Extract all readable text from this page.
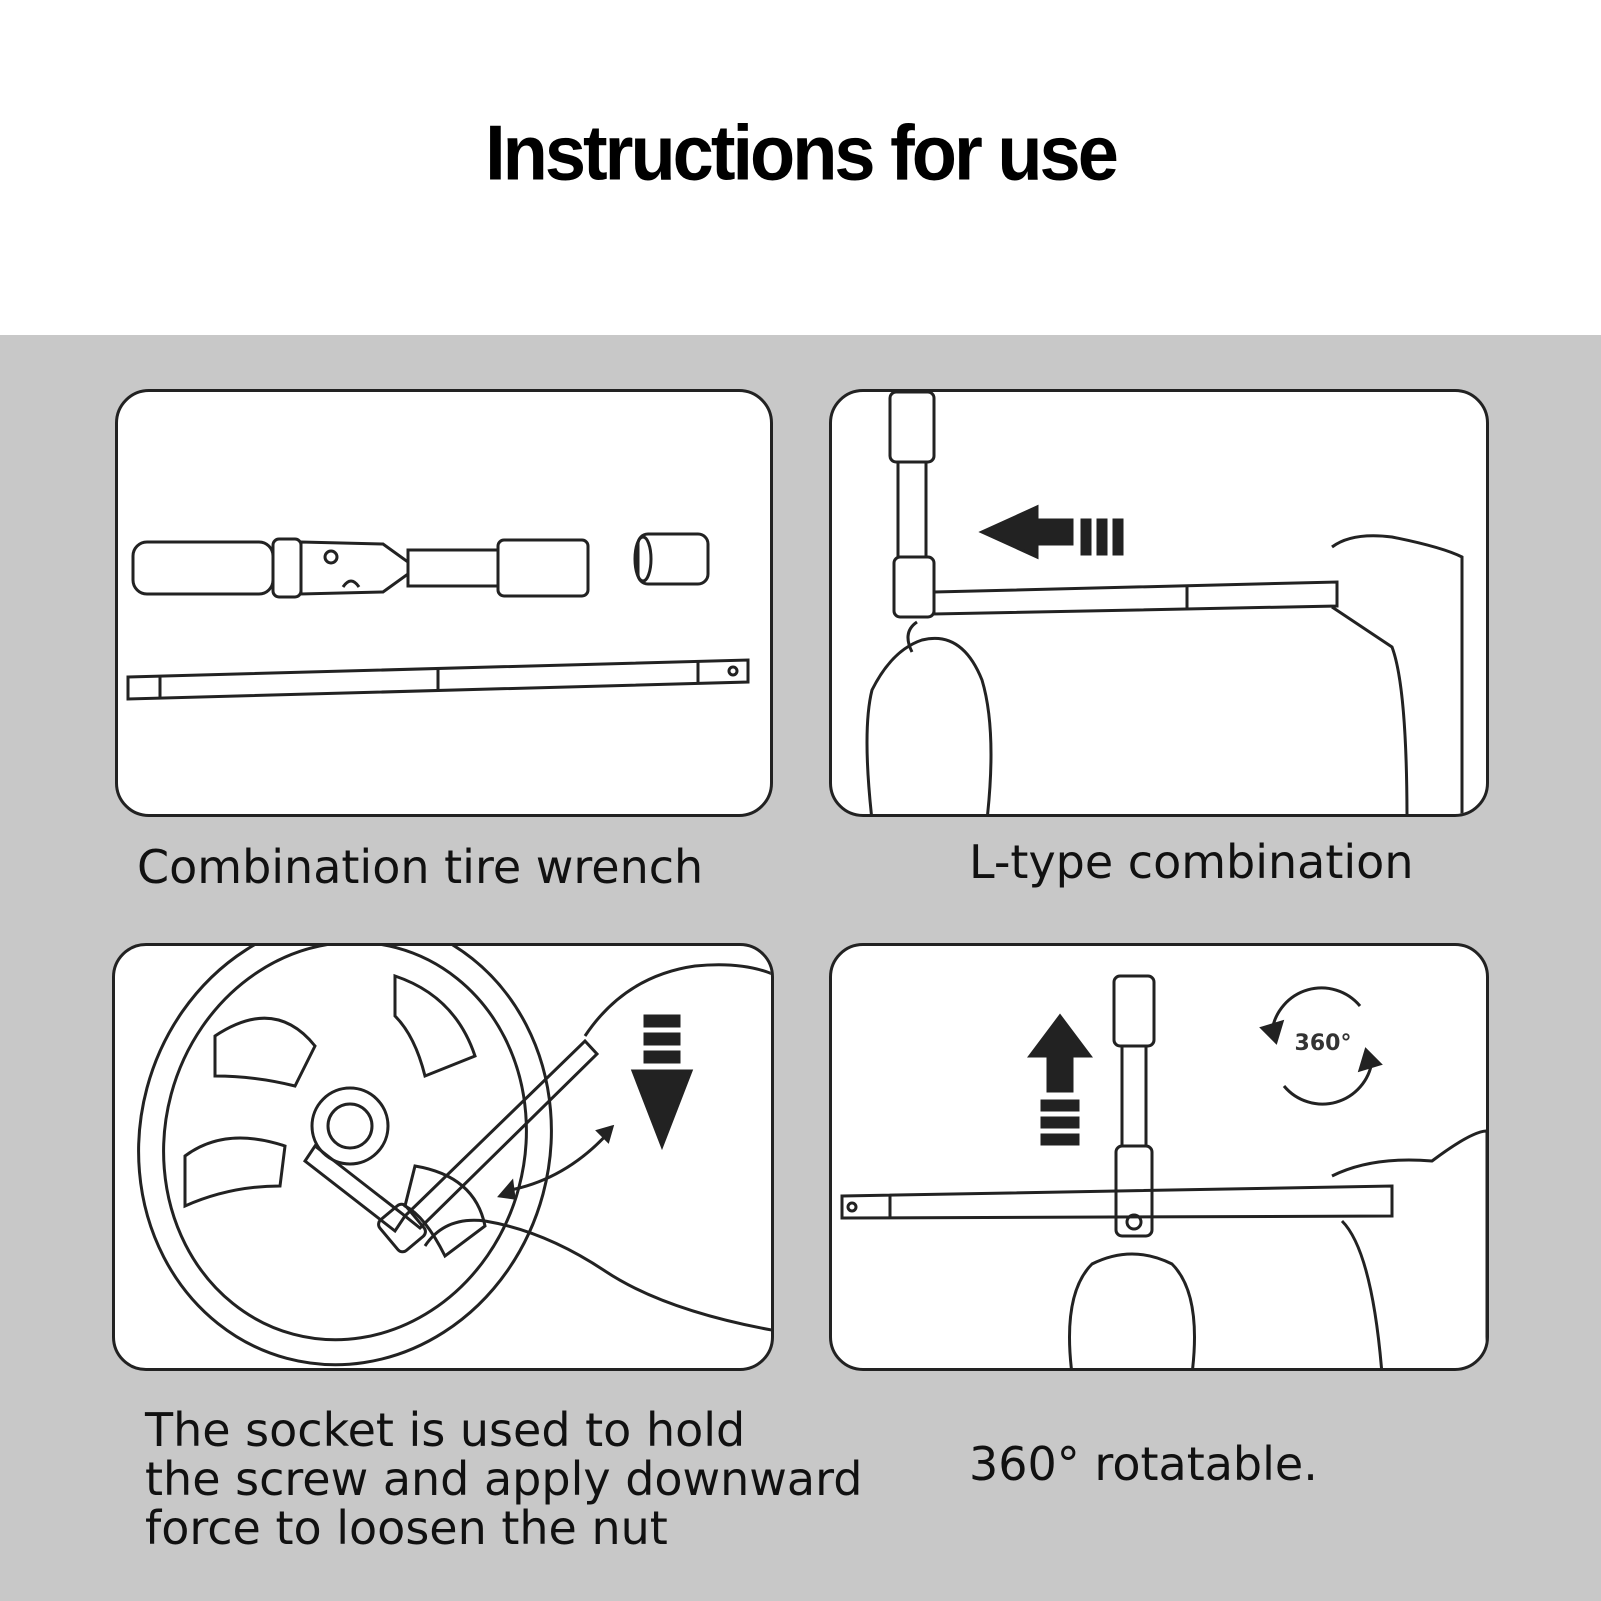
Instructions for use
Combination tire wrench	L-type combination
The socket is used to hold
the screw and apply downward
force to loosen the nut
360°
360° rotatable.
